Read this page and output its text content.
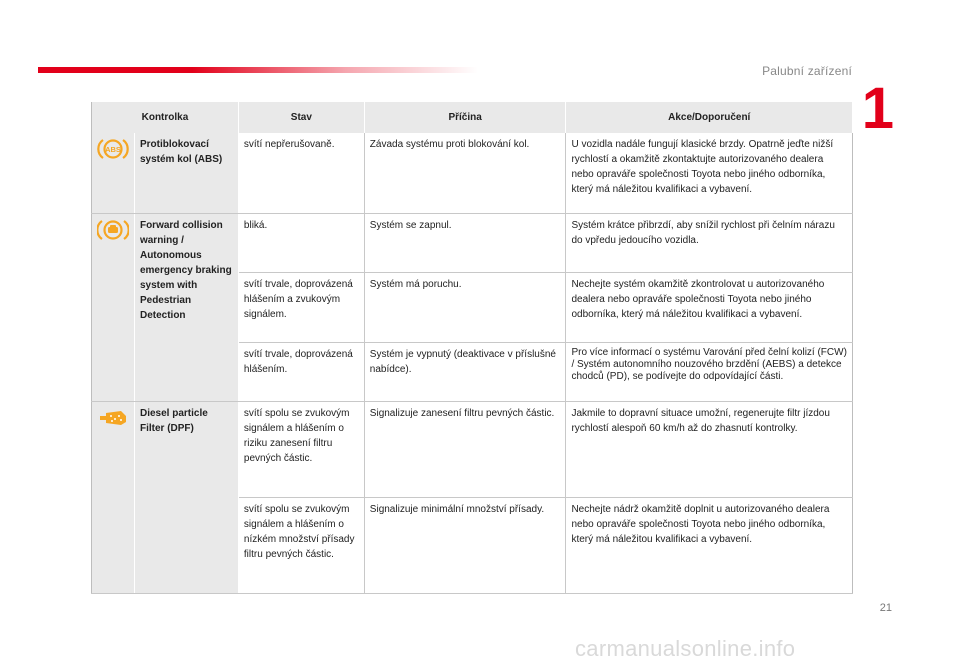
Palubní zařízení
1
Kontrolka		Stav	Příčina	Akce/Doporučení

ABS	Protiblokovací systém kol (ABS)	svítí nepřerušovaně.	Závada systému proti blokování kol.	U vozidla nadále fungují klasické brzdy. Opatrně jeďte nižší rychlostí a okamžitě zkontaktujte autorizovaného dealera nebo opraváře společnosti Toyota nebo jiného odborníka, který má náležitou kvalifikaci a vybavení.
	Forward collision warning / Autonomous emergency braking system with Pedestrian Detection	bliká.	Systém se zapnul.	Systém krátce přibrzdí, aby snížil rychlost při čelním nárazu do vpředu jedoucího vozidla.
		svítí trvale, doprovázená hlášením a zvukovým signálem.	Systém má poruchu.	Nechejte systém okamžitě zkontrolovat u autorizovaného dealera nebo opraváře společnosti Toyota nebo jiného odborníka, který má náležitou kvalifikaci a vybavení.
		svítí trvale, doprovázená hlášením.	Systém je vypnutý (deaktivace v příslušné nabídce).	Pro více informací o systému Varování před čelní kolizí (FCW) / Systém autonomního nouzového brzdění (AEBS) a detekce chodců (PD), se podívejte do odpovídající části.
	Diesel particle Filter (DPF)	svítí spolu se zvukovým signálem a hlášením o riziku zanesení filtru pevných částic.	Signalizuje zanesení filtru pevných částic.	Jakmile to dopravní situace umožní, regenerujte filtr jízdou rychlostí alespoň 60 km/h až do zhasnutí kontrolky.
		svítí spolu se zvukovým signálem a hlášením o nízkém množství přísady filtru pevných částic.	Signalizuje minimální množství přísady.	Nechejte nádrž okamžitě doplnit u autorizovaného dealera nebo opraváře společnosti Toyota nebo jiného odborníka, který má náležitou kvalifikaci a vybavení.
21
carmanualsonline.info
